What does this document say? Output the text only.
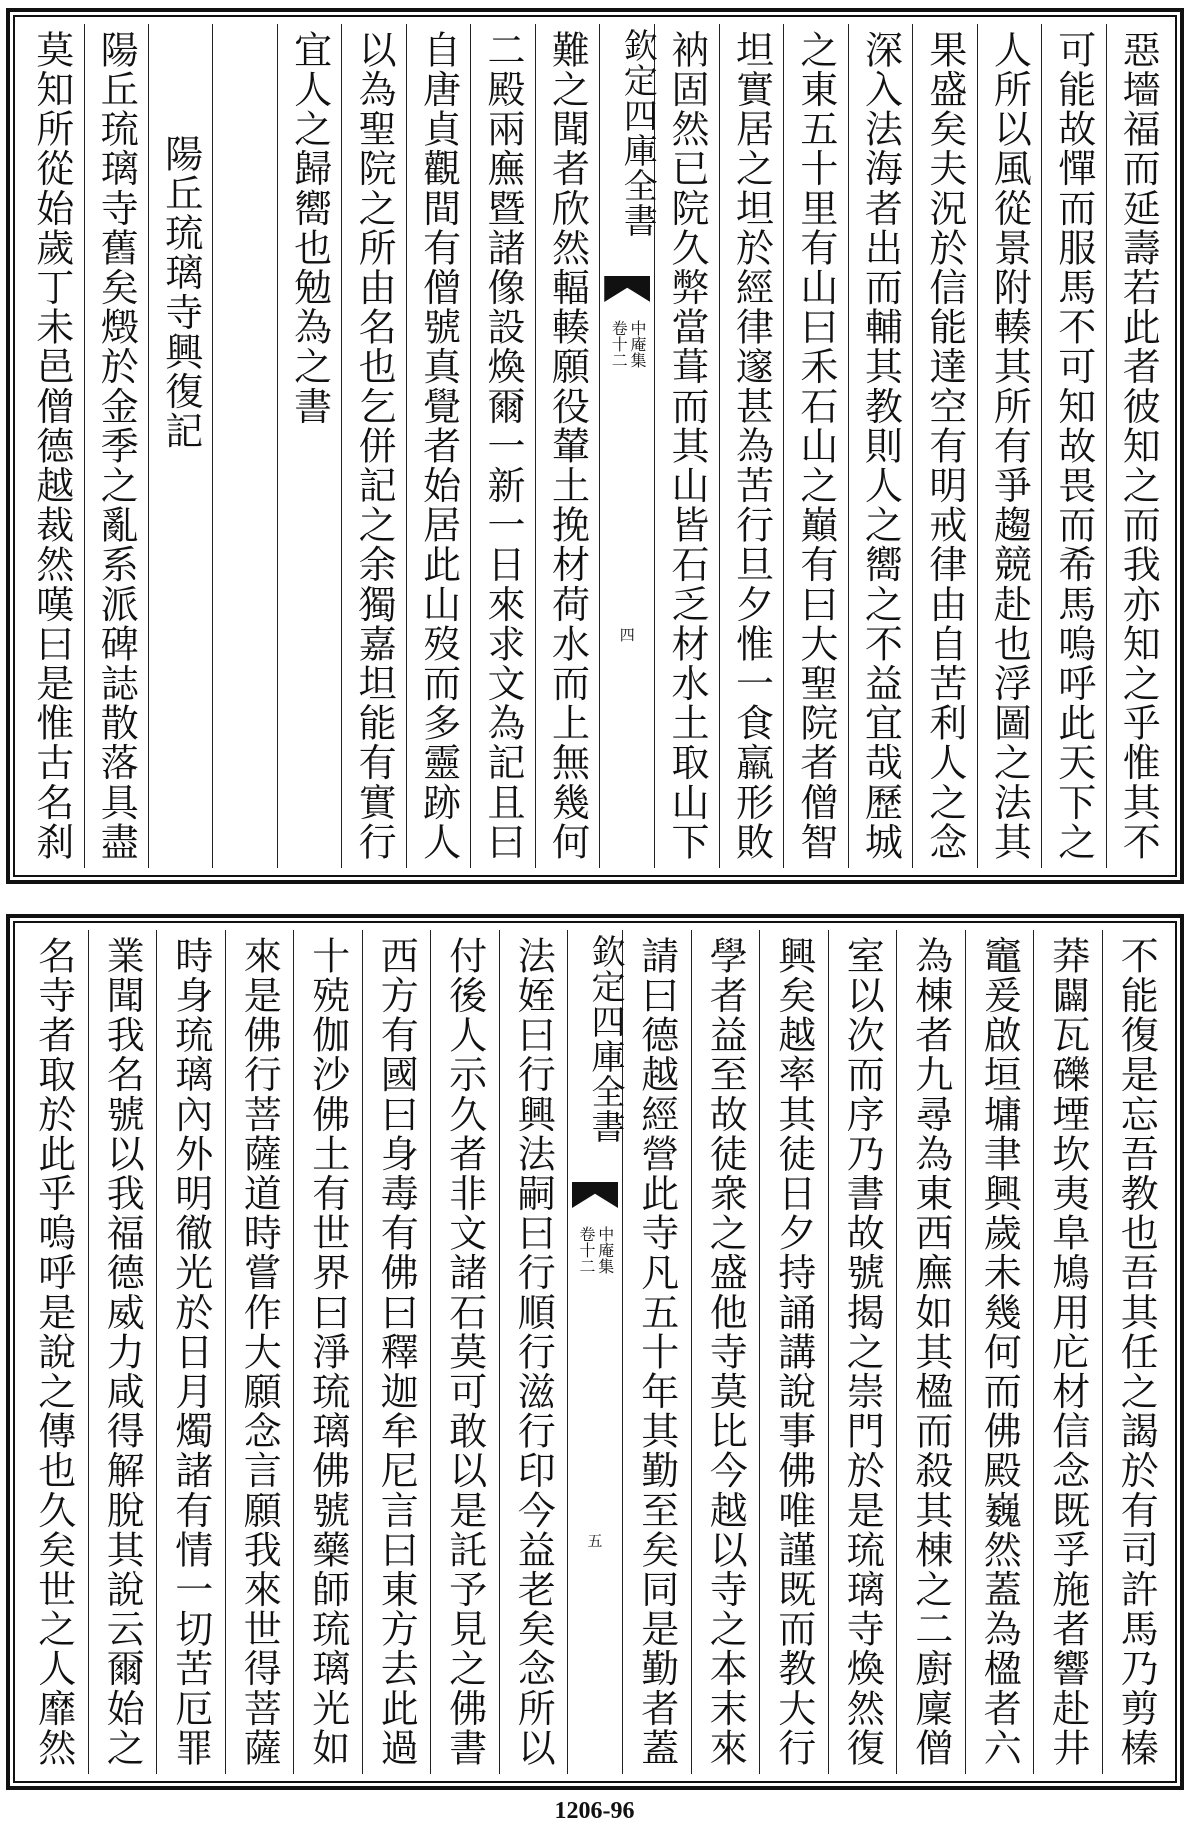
惡墻福而延壽若此者彼知之而我亦知之乎惟其不
可能故憚而服馬不可知故畏而希馬嗚呼此天下之
人所以風從景附輳其所有爭趨競赴也浮圖之法其
果盛矣夫況於信能達空有明戒律由自苦利人之念
深入法海者出而輔其教則人之嚮之不益宜哉歷城
之東五十里有山曰禾石山之巔有曰大聖院者僧智
坦實居之坦於經律邃甚為苦行旦夕惟一食羸形敗
衲固然已院久弊當葺而其山皆石乏材水土取山下
欽定四庫全書
中庵集
卷十二
四
難之聞者欣然輻輳願役輦土挽材荷水而上無幾何
二殿兩廡暨諸像設煥爾一新一日來求文為記且曰
自唐貞觀間有僧號真覺者始居此山歿而多靈跡人
以為聖院之所由名也乞併記之余獨嘉坦能有實行
宜人之歸嚮也勉為之書
陽丘琉璃寺興復記
陽丘琉璃寺舊矣燬於金季之亂系派碑誌散落具盡
莫知所從始歲丁未邑僧德越裁然嘆曰是惟古名刹
不能復是忘吾教也吾其任之謁於有司許馬乃剪榛
莽闢瓦礫堙坎夷阜鳩用庀材信念既孚施者響赴井
竈爰啟垣墉聿興歲未幾何而佛殿巍然蓋為楹者六
為棟者九尋為東西廡如其楹而殺其棟之二廚廩僧
室以次而序乃書故號揭之崇門於是琉璃寺煥然復
興矣越率其徒日夕持誦講說事佛唯謹既而教大行
學者益至故徒衆之盛他寺莫比今越以寺之本末來
請曰德越經營此寺凡五十年其勤至矣同是勤者蓋
欽定四庫全書
中庵集
卷十二
五
法姪曰行興法嗣曰行順行滋行印今益老矣念所以
付後人示久者非文諸石莫可敢以是託予見之佛書
西方有國曰身毒有佛曰釋迦牟尼言曰東方去此過
十殑伽沙佛土有世界曰淨琉璃佛號藥師琉璃光如
來是佛行菩薩道時嘗作大願念言願我來世得菩薩
時身琉璃內外明徹光於日月燭諸有情一切苦厄罪
業聞我名號以我福德威力咸得解脫其說云爾始之
名寺者取於此乎嗚呼是說之傳也久矣世之人靡然
1206-96
